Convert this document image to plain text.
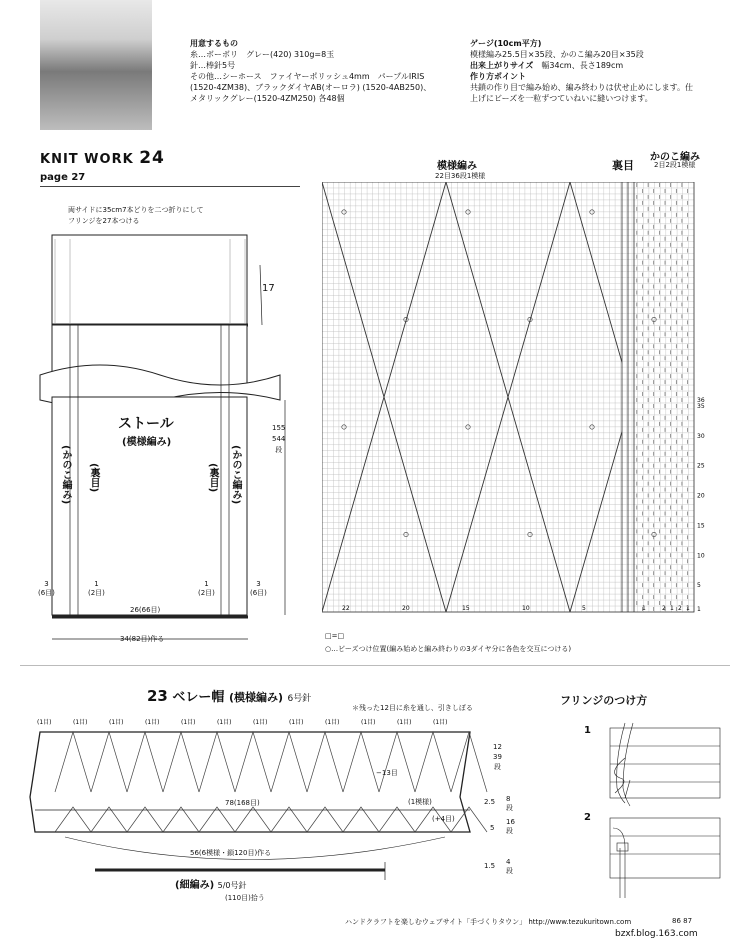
用意するもの
糸…ボーボリ　グレー(420) 310g=8玉
針…棒針5号
その他…シーホース　ファイヤーポリッシュ4mm　パープルIRIS
(1520-4ZM38)、ブラックダイヤAB(オーロラ) (1520-4AB250)、
メタリックグレー(1520-4ZM250) 各48個
ゲージ(10cm平方)
模様編み25.5目×35段、かのこ編み20目×35段
出来上がりサイズ　 幅34cm、長さ189cm
作り方ポイント
共鎖の作り目で編み始め、編み終わりは伏せ止めにします。仕
上げにビーズを一粒ずつていねいに縫いつけます。
KNIT WORK 24
page 27
両サイドに35cm7本どりを二つ折りにして
フリンジを27本つける
17
ストール
(模様編み)
(かのこ編み) (裏目)	(裏目) (かのこ編み)
155
544
段
3
(6目)
1
(2目)
1
(2目)
3
(6目)
26(66目)
34(82目)作る
模様編み
22目36段1模様
裏目
かのこ編み
2目2段1模様
36
35
30
25
20
15
10
5
1
22	20	15	10	5	1	2 1 2 1
□=□
○…ビーズつけ位置(編み始めと編み終わりの3ダイヤ分に各色を交互につける)
23 ベレー帽 (模様編み) 6号針
＊残った12目に糸を通し、引きしぼる
(1目)	(1目)	(1目)	(1目)	(1目)	(1目)	(1目)	(1目)	(1目)	(1目)	(1目)	(1目)
−13目
78(168目)	(1模様)
(+4目)
56(6模様・鎖120目)作る
12
39
段
2.5 8
段
5
16
段
1.5 4
段
(細編み) 5/0号針
(110目)拾う
フリンジのつけ方
1
2
ハンドクラフトを楽しむウェブサイト「手づくりタウン」 http://www.tezukuritown.com	86 87
bzxf.blog.163.com
